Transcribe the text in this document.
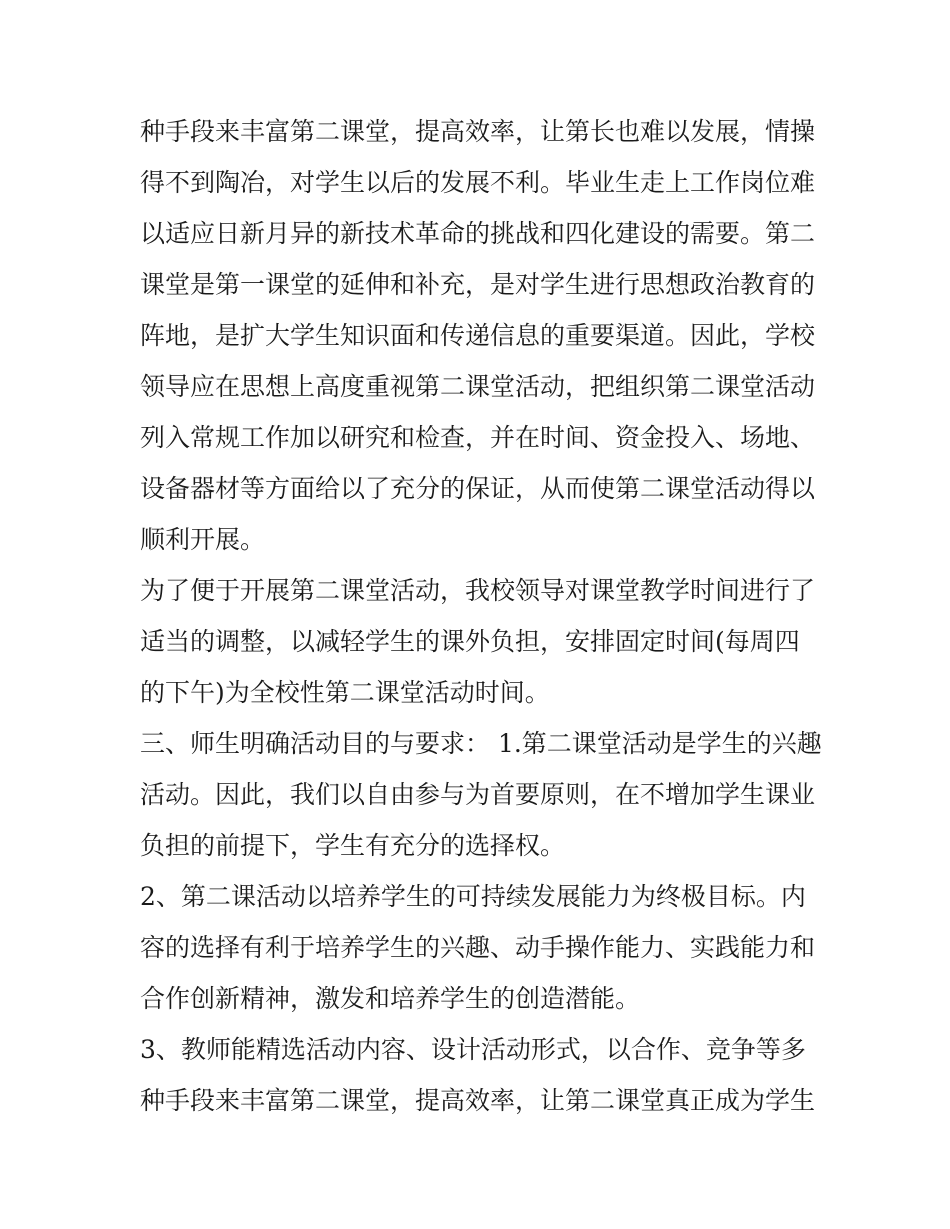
种手段来丰富第二课堂，提高效率，让第长也难以发展，情操
得不到陶冶，对学生以后的发展不利。毕业生走上工作岗位难
以适应日新月异的新技术革命的挑战和四化建设的需要。第二
课堂是第一课堂的延伸和补充，是对学生进行思想政治教育的
阵地，是扩大学生知识面和传递信息的重要渠道。因此，学校
领导应在思想上高度重视第二课堂活动，把组织第二课堂活动
列入常规工作加以研究和检查，并在时间、资金投入、场地、
设备器材等方面给以了充分的保证，从而使第二课堂活动得以
顺利开展。
为了便于开展第二课堂活动，我校领导对课堂教学时间进行了
适当的调整，以减轻学生的课外负担，安排固定时间(每周四
的下午)为全校性第二课堂活动时间。
三、师生明确活动目的与要求： 1.第二课堂活动是学生的兴趣
活动。因此，我们以自由参与为首要原则，在不增加学生课业
负担的前提下，学生有充分的选择权。
2、第二课活动以培养学生的可持续发展能力为终极目标。内
容的选择有利于培养学生的兴趣、动手操作能力、实践能力和
合作创新精神，激发和培养学生的创造潜能。
3、教师能精选活动内容、设计活动形式，以合作、竞争等多
种手段来丰富第二课堂，提高效率，让第二课堂真正成为学生
